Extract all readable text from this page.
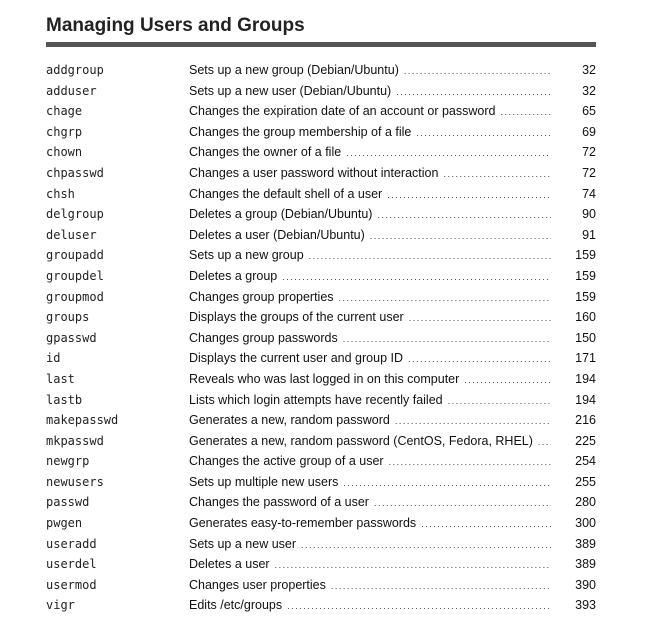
Managing Users and Groups
addgroup	Sets up a new group (Debian/Ubuntu) . . .	32
adduser	Sets up a new user (Debian/Ubuntu) . . .	32
chage	Changes the expiration date of an account or password . . .	65
chgrp	Changes the group membership of a file . . .	69
chown	Changes the owner of a file . . .	72
chpasswd	Changes a user password without interaction . . .	72
chsh	Changes the default shell of a user . . .	74
delgroup	Deletes a group (Debian/Ubuntu) . . .	90
deluser	Deletes a user (Debian/Ubuntu) . . .	91
groupadd	Sets up a new group . . .	159
groupdel	Deletes a group . . .	159
groupmod	Changes group properties . . .	159
groups	Displays the groups of the current user . . .	160
gpasswd	Changes group passwords . . .	150
id	Displays the current user and group ID . . .	171
last	Reveals who was last logged in on this computer . . .	194
lastb	Lists which login attempts have recently failed . . .	194
makepasswd	Generates a new, random password . . .	216
mkpasswd	Generates a new, random password (CentOS, Fedora, RHEL) . . .	225
newgrp	Changes the active group of a user . . .	254
newusers	Sets up multiple new users . . .	255
passwd	Changes the password of a user . . .	280
pwgen	Generates easy-to-remember passwords . . .	300
useradd	Sets up a new user . . .	389
userdel	Deletes a user . . .	389
usermod	Changes user properties . . .	390
vigr	Edits /etc/groups . . .	393
